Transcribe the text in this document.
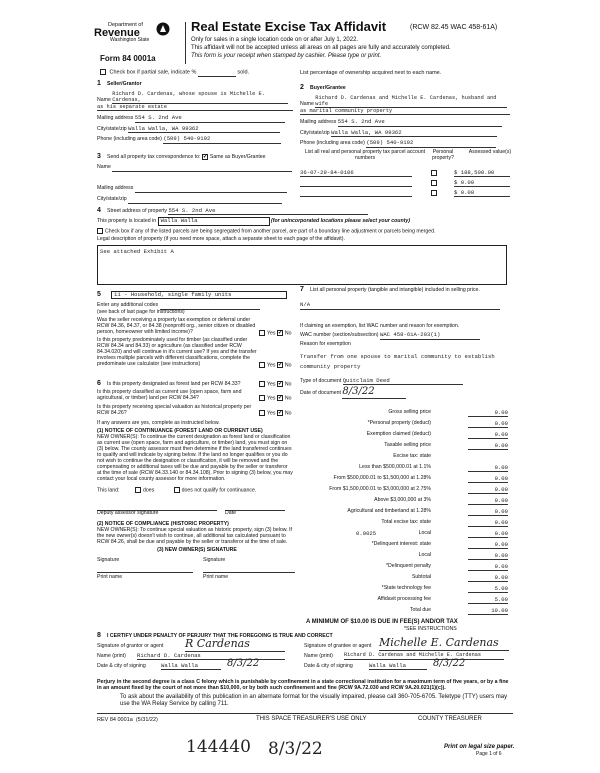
Department of
Revenue
Washington State
Form 84 0001a
Real Estate Excise Tax Affidavit	(RCW 82.45 WAC 458-61A)
Only for sales in a single location code on or after July 1, 2022.
This affidavit will not be accepted unless all areas on all pages are fully and accurately completed.
This form is your receipt when stamped by cashier. Please type or print.
Check box if partial sale, indicate %	sold.	List percentage of ownership acquired next to each name.
1 Seller/Grantor
Name Richard D. Cardenas, whose spouse is Michelle E. Cardenas,
as his separate estate
Mailing address 554 S. 2nd Ave
City/state/zip Walla Walla, WA 99362
Phone (including area code) (509) 540-9192
2 Buyer/Grantee
Name Richard D. Cardenas and Michelle E. Cardenas, husband and wife
as marital community property
Mailing address 554 S. 2nd Ave
City/state/zip Walla Walla, WA 99362
Phone (including area code) (509) 540-9192
3 Send all property tax correspondence to: ✓ Same as Buyer/Grantee
Name
Mailing address
City/state/zip
List all real and personal property tax parcel account numbers
Personal property?
Assessed value(s)
36-07-29-84-0106	$ 188,500.00
$ 0.00
$ 0.00
4 Street address of property 554 S. 2nd Ave
This property is located in Walla Walla	(for unincorporated locations please select your county)
Check box if any of the listed parcels are being segregated from another parcel, are part of a boundary line adjustment or parcels being merged.
Legal description of property (if you need more space, attach a separate sheet to each page of the affidavit).
See attached Exhibit A
5 11 - Household, single family units
Enter any additional codes
(see back of last page for instructions)
Was the seller receiving a property tax exemption or deferral under RCW 84.36, 84.37, or 84.38 (nonprofit org., senior citizen or disabled person, homeowner with limited income)?	Yes ✓ No
Is this property predominately used for timber (as classified under RCW 84.34 and 84.33) or agriculture (as classified under RCW 84.34.020) and will continue in it's current use? If yes and the transfer involves multiple parcels with different classifications, complete the predominate use calculator (see instructions)	Yes ✓ No
6 Is this property designated as forest land per RCW 84.33?	Yes ✓ No
Is this property classified as current use (open space, farm and agricultural, or timber) land per RCW 84.34?	Yes ✓ No
Is this property receiving special valuation as historical property per RCW 84.26?	Yes ✓ No
If any answers are yes, complete as instructed below.
(1) NOTICE OF CONTINUANCE (FOREST LAND OR CURRENT USE)
NEW OWNER(S): To continue the current designation as forest land or classification as current use (open space, farm and agriculture, or timber) land, you must sign on (3) below. The county assessor must then determine if the land transferred continues to qualify and will indicate by signing below. If the land no longer qualifies or you do not wish to continue the designation or classification, it will be removed and the compensating or additional taxes will be due and payable by the seller or transferor at the time of sale (RCW 84.33.140 or 84.34.108). Prior to signing (3) below, you may contact your local county assessor for more information.
This land:	does	does not qualify for continuance.
Deputy assessor signature	Date
(2) NOTICE OF COMPLIANCE (HISTORIC PROPERTY)
NEW OWNER(S): To continue special valuation as historic property, sign (3) below. If the new owner(s) doesn't wish to continue, all additional tax calculated pursuant to RCW 84.26, shall be due and payable by the seller or transferor at the time of sale.
(3) NEW OWNER(S) SIGNATURE
Signature	Signature

Print name	Print name
7 List all personal property (tangible and intangible) included in selling price.
N/A
If claiming an exemption, list WAC number and reason for exemption.
WAC number (section/subsection) WAC 458-61A-203(1)
Reason for exemption
Transfer from one spouse to marital community to establish community property
Type of document Quitclaim Deed
Date of document 8/3/22
Gross selling price	0.00
*Personal property (deduct)	0.00
Exemption claimed (deduct)	0.00
Taxable selling price	0.00
Excise tax: state
Less than $500,000.01 at 1.1%	0.00
From $500,000.01 to $1,500,000 at 1.28%	0.00
From $1,500,000.01 to $3,000,000 at 2.75%	0.00
Above $3,000,000 at 3%	0.00
Agricultural and timberland at 1.28%	0.00
Total excise tax: state	0.00
0.0025	Local	0.00
*Delinquent interest: state	0.00
Local	0.00
*Delinquent penalty	0.00
Subtotal	0.00
*State technology fee	5.00
Affidavit processing fee	5.00
Total due	10.00
A MINIMUM OF $10.00 IS DUE IN FEE(S) AND/OR TAX
*SEE INSTRUCTIONS
8 I CERTIFY UNDER PENALTY OF PERJURY THAT THE FOREGOING IS TRUE AND CORRECT
Signature of grantor or agent R Cardenas
Name (print) Richard D. Cardenas
Date & city of signing	Walla Walla	8/3/22
Signature of grantee or agent Michelle E. Cardenas
Name (print) Richard D. Cardenas and Michelle E. Cardenas
Date & city of signing	Walla Walla	8/3/22
Perjury in the second degree is a class C felony which is punishable by confinement in a state correctional institution for a maximum term of five years, or by a fine in an amount fixed by the court of not more than $10,000, or by both such confinement and fine (RCW 9A.72.030 and RCW 9A.20.021(1)(c)).
To ask about the availability of this publication in an alternate format for the visually impaired, please call 360-705-6705. Teletype (TTY) users may use the WA Relay Service by calling 711.
REV 84 0001a (5/31/22)	THIS SPACE TREASURER'S USE ONLY	COUNTY TREASURER
144440 8/3/22	Print on legal size paper.
Page 1 of 6
